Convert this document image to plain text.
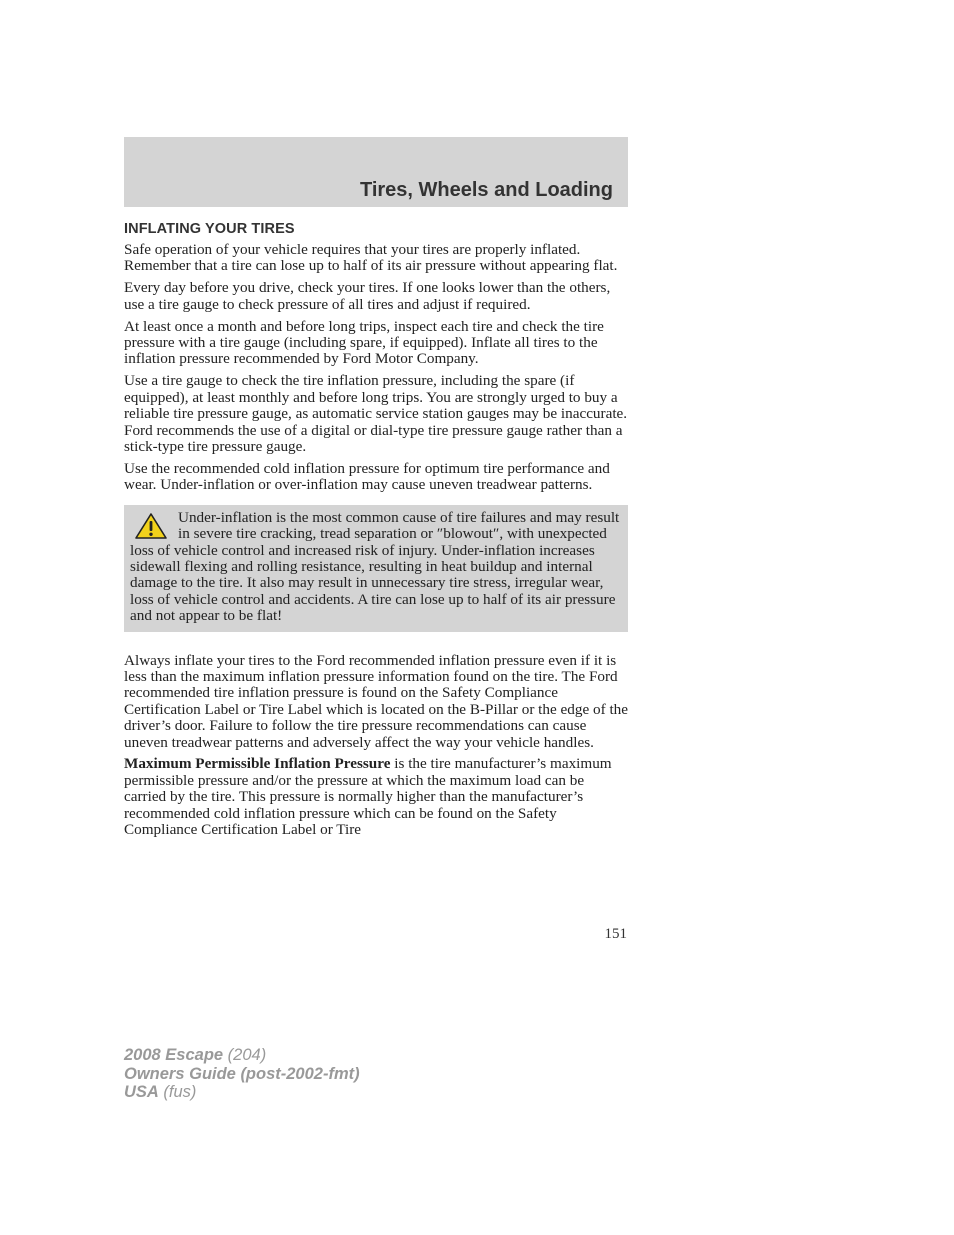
Tires, Wheels and Loading
INFLATING YOUR TIRES

Safe operation of your vehicle requires that your tires are properly inflated. Remember that a tire can lose up to half of its air pressure without appearing flat.

Every day before you drive, check your tires. If one looks lower than the others, use a tire gauge to check pressure of all tires and adjust if required.

At least once a month and before long trips, inspect each tire and check the tire pressure with a tire gauge (including spare, if equipped). Inflate all tires to the inflation pressure recommended by Ford Motor Company.

Use a tire gauge to check the tire inflation pressure, including the spare (if equipped), at least monthly and before long trips. You are strongly urged to buy a reliable tire pressure gauge, as automatic service station gauges may be inaccurate. Ford recommends the use of a digital or dial-type tire pressure gauge rather than a stick-type tire pressure gauge.

Use the recommended cold inflation pressure for optimum tire performance and wear. Under-inflation or over-inflation may cause uneven treadwear patterns.

Under-inflation is the most common cause of tire failures and may result in severe tire cracking, tread separation or ″blowout″, with unexpected loss of vehicle control and increased risk of injury. Under-inflation increases sidewall flexing and rolling resistance, resulting in heat buildup and internal damage to the tire. It also may result in unnecessary tire stress, irregular wear, loss of vehicle control and accidents. A tire can lose up to half of its air pressure and not appear to be flat!

Always inflate your tires to the Ford recommended inflation pressure even if it is less than the maximum inflation pressure information found on the tire. The Ford recommended tire inflation pressure is found on the Safety Compliance Certification Label or Tire Label which is located on the B-Pillar or the edge of the driver’s door. Failure to follow the tire pressure recommendations can cause uneven treadwear patterns and adversely affect the way your vehicle handles.

Maximum Permissible Inflation Pressure is the tire manufacturer’s maximum permissible pressure and/or the pressure at which the maximum load can be carried by the tire. This pressure is normally higher than the manufacturer’s recommended cold inflation pressure which can be found on the Safety Compliance Certification Label or Tire

151
2008 Escape (204)
Owners Guide (post-2002-fmt)
USA (fus)
